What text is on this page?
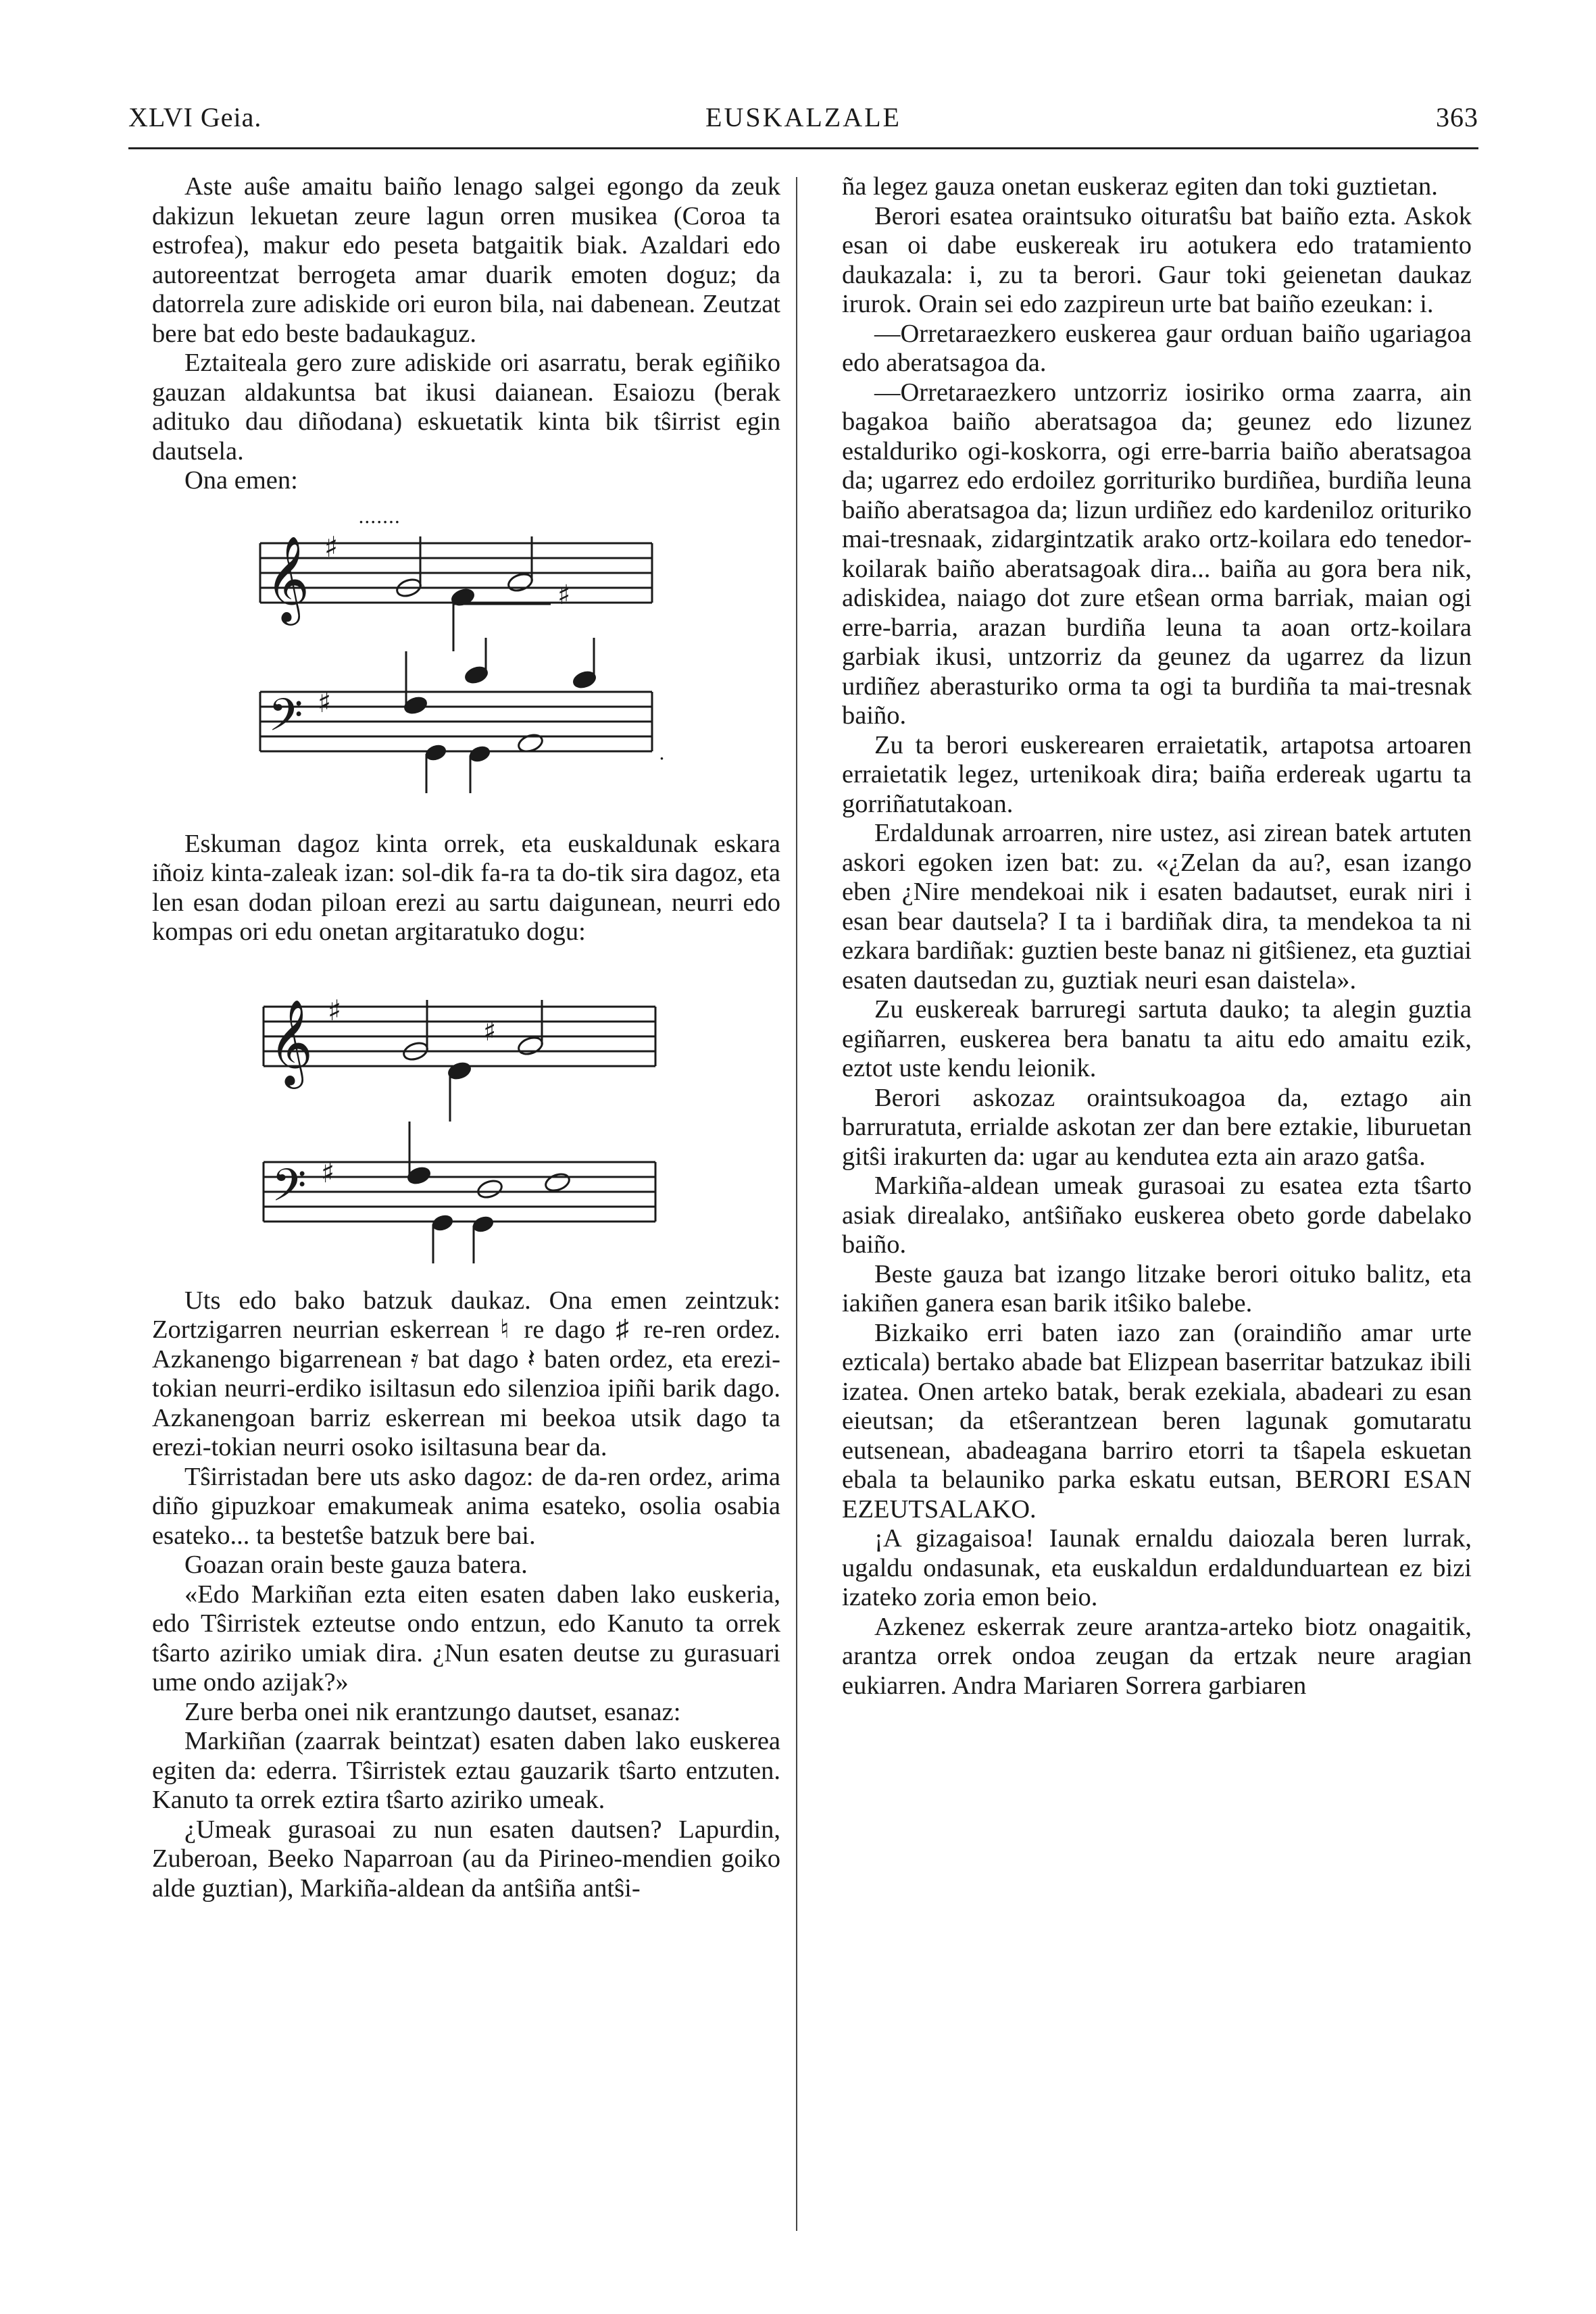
XLVI Geia.	EUSKALZALE	363

Aste auŝe amaitu baiño lenago salgei egongo da zeuk dakizun lekuetan zeure lagun orren musikea (Coroa ta estrofea), makur edo peseta batgaitik biak. Azaldari edo autoreentzat berrogeta amar duarik emoten doguz; da datorrela zure adiskide ori euron bila, nai dabenean. Zeutzat bere bat edo beste badaukaguz.

Eztaiteala gero zure adiskide ori asarratu, berak egiñiko gauzan aldakuntsa bat ikusi daianean. Esaiozu (berak adituko dau diñodana) eskuetatik kinta bik tŝirrist egin dautsela.

Ona emen:

𝄞
𝄢
♯
♯
.......
♯
.

Eskuman dagoz kinta orrek, eta euskaldunak eskara iñoiz kinta-zaleak izan: sol-dik fa-ra ta do-tik sira dagoz, eta len esan dodan piloan erezi au sartu daigunean, neurri edo kompas ori edu onetan argitaratuko dogu:

𝄞
𝄢
♯
♯
♯

Uts edo bako batzuk daukaz. Ona emen zeintzuk: Zortzigarren neurrian eskerrean ♮ re dago ♯ re-ren ordez. Azkanengo bigarrenean 𝄿 bat dago 𝄽 baten ordez, eta erezi-tokian neurri-erdiko isiltasun edo silenzioa ipiñi barik dago. Azkanengoan barriz eskerrean mi beekoa utsik dago ta erezi-tokian neurri osoko isiltasuna bear da.

Tŝirristadan bere uts asko dagoz: de da-ren ordez, arima diño gipuzkoar emakumeak anima esateko, osolia osabia esateko... ta bestetŝe batzuk bere bai.

Goazan orain beste gauza batera.

«Edo Markiñan ezta eiten esaten daben lako euskeria, edo Tŝirristek ezteutse ondo entzun, edo Kanuto ta orrek tŝarto aziriko umiak dira. ¿Nun esaten deutse zu gurasuari ume ondo azijak?»

Zure berba onei nik erantzungo dautset, esanaz:

Markiñan (zaarrak beintzat) esaten daben lako euskerea egiten da: ederra. Tŝirristek eztau gauzarik tŝarto entzuten. Kanuto ta orrek eztira tŝarto aziriko umeak.

¿Umeak gurasoai zu nun esaten dautsen? Lapurdin, Zuberoan, Beeko Naparroan (au da Pirineo-mendien goiko alde guztian), Markiña-aldean da antŝiña antŝi-

ña legez gauza onetan euskeraz egiten dan toki guztietan.

Berori esatea oraintsuko oituratŝu bat baiño ezta. Askok esan oi dabe euskereak iru aotukera edo tratamiento daukazala: i, zu ta berori. Gaur toki geienetan daukaz irurok. Orain sei edo zazpireun urte bat baiño ezeukan: i.

—Orretaraezkero euskerea gaur orduan baiño ugariagoa edo aberatsagoa da.

—Orretaraezkero untzorriz iosiriko orma zaarra, ain bagakoa baiño aberatsagoa da; geunez edo lizunez estalduriko ogi-koskorra, ogi erre-barria baiño aberatsagoa da; ugarrez edo erdoilez gorrituriko burdiñea, burdiña leuna baiño aberatsagoa da; lizun urdiñez edo kardeniloz orituriko mai-tresnaak, zidargintzatik arako ortz-koilara edo tenedor-koilarak baiño aberatsagoak dira... baiña au gora bera nik, adiskidea, naiago dot zure etŝean orma barriak, maian ogi erre-barria, arazan burdiña leuna ta aoan ortz-koilara garbiak ikusi, untzorriz da geunez da ugarrez da lizun urdiñez aberasturiko orma ta ogi ta burdiña ta mai-tresnak baiño.

Zu ta berori euskerearen erraietatik, artapotsa artoaren erraietatik legez, urtenikoak dira; baiña erdereak ugartu ta gorriñatutakoan.

Erdaldunak arroarren, nire ustez, asi zirean batek artuten askori egoken izen bat: zu. «¿Zelan da au?, esan izango eben ¿Nire mendekoai nik i esaten badautset, eurak niri i esan bear dautsela? I ta i bardiñak dira, ta mendekoa ta ni ezkara bardiñak: guztien beste banaz ni gitŝienez, eta guztiai esaten dautsedan zu, guztiak neuri esan daistela».

Zu euskereak barruregi sartuta dauko; ta alegin guztia egiñarren, euskerea bera banatu ta aitu edo amaitu ezik, eztot uste kendu leionik.

Berori askozaz oraintsukoagoa da, eztago ain barruratuta, errialde askotan zer dan bere eztakie, liburuetan gitŝi irakurten da: ugar au kendutea ezta ain arazo gatŝa.

Markiña-aldean umeak gurasoai zu esatea ezta tŝarto asiak direalako, antŝiñako euskerea obeto gorde dabelako baiño.

Beste gauza bat izango litzake berori oituko balitz, eta iakiñen ganera esan barik itŝiko balebe.

Bizkaiko erri baten iazo zan (oraindiño amar urte ezticala) bertako abade bat Elizpean baserritar batzukaz ibili izatea. Onen arteko batak, berak ezekiala, abadeari zu esan eieutsan; da etŝerantzean beren lagunak gomutaratu eutsenean, abadeagana barriro etorri ta tŝapela eskuetan ebala ta belauniko parka eskatu eutsan, BERORI ESAN EZEUTSALAKO.

¡A gizagaisoa! Iaunak ernaldu daiozala beren lurrak, ugaldu ondasunak, eta euskaldun erdaldunduartean ez bizi izateko zoria emon beio.

Azkenez eskerrak zeure arantza-arteko biotz onagaitik, arantza orrek ondoa zeugan da ertzak neure aragian eukiarren. Andra Mariaren Sorrera garbiaren
